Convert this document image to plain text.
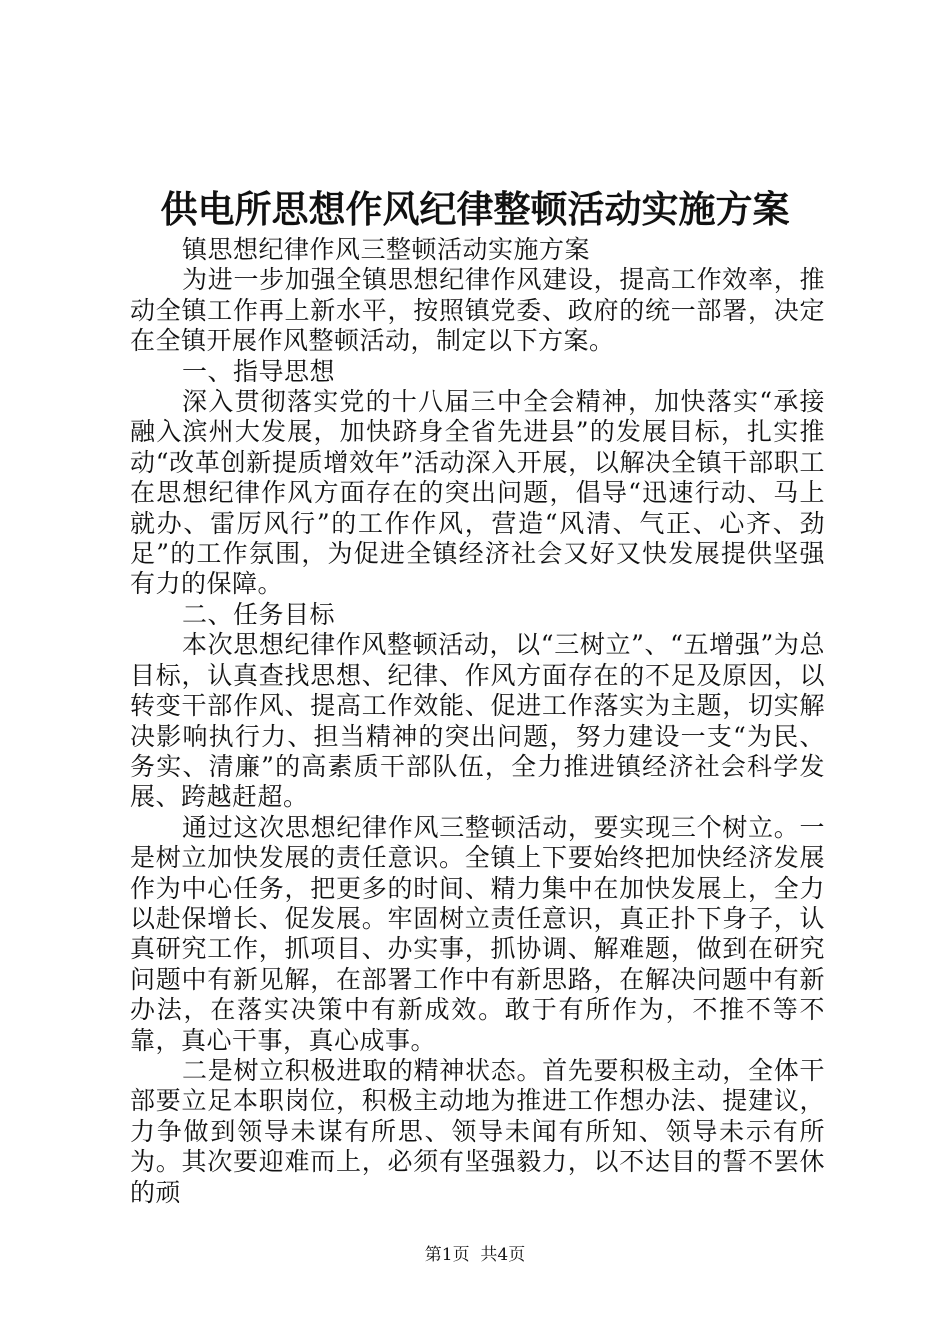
供电所思想作风纪律整顿活动实施方案

镇思想纪律作风三整顿活动实施方案

为进一步加强全镇思想纪律作风建设，提高工作效率，推动全镇工作再上新水平，按照镇党委、政府的统一部署，决定在全镇开展作风整顿活动，制定以下方案。

一、指导思想

深入贯彻落实党的十八届三中全会精神，加快落实“承接融入滨州大发展，加快跻身全省先进县”的发展目标，扎实推动“改革创新提质增效年”活动深入开展，以解决全镇干部职工在思想纪律作风方面存在的突出问题，倡导“迅速行动、马上就办、雷厉风行”的工作作风，营造“风清、气正、心齐、劲足”的工作氛围，为促进全镇经济社会又好又快发展提供坚强有力的保障。

二、任务目标

本次思想纪律作风整顿活动，以“三树立”、“五增强”为总目标，认真查找思想、纪律、作风方面存在的不足及原因，以转变干部作风、提高工作效能、促进工作落实为主题，切实解决影响执行力、担当精神的突出问题，努力建设一支“为民、务实、清廉”的高素质干部队伍，全力推进镇经济社会科学发展、跨越赶超。

通过这次思想纪律作风三整顿活动，要实现三个树立。一是树立加快发展的责任意识。全镇上下要始终把加快经济发展作为中心任务，把更多的时间、精力集中在加快发展上，全力以赴保增长、促发展。牢固树立责任意识，真正扑下身子，认真研究工作，抓项目、办实事，抓协调、解难题，做到在研究问题中有新见解，在部署工作中有新思路，在解决问题中有新办法，在落实决策中有新成效。敢于有所作为，不推不等不靠，真心干事，真心成事。

二是树立积极进取的精神状态。首先要积极主动，全体干部要立足本职岗位，积极主动地为推进工作想办法、提建议，力争做到领导未谋有所思、领导未闻有所知、领导未示有所为。其次要迎难而上，必须有坚强毅力，以不达目的誓不罢休的顽

第1页 共4页
